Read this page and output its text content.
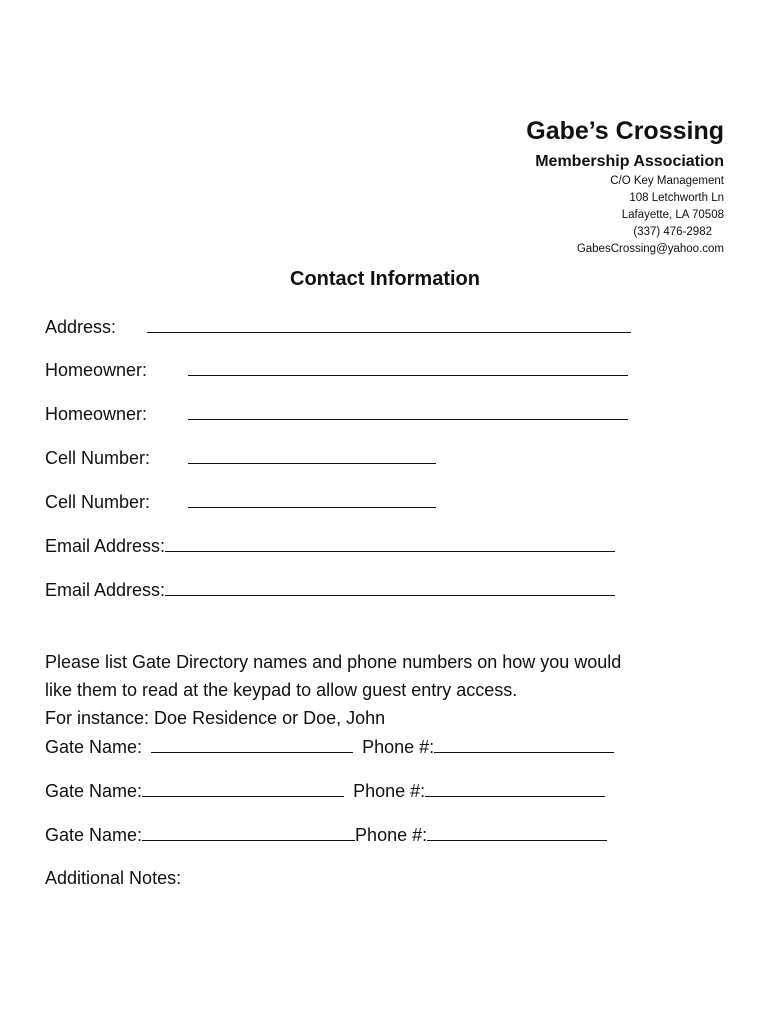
Gabe’s Crossing
Membership Association
C/O Key Management
108 Letchworth Ln
Lafayette, LA 70508
(337) 476-2982
GabesCrossing@yahoo.com
Contact Information
Address:
Homeowner:
Homeowner:
Cell Number:
Cell Number:
Email Address:
Email Address:

Please list Gate Directory names and phone numbers on how you would

like them to read at the keypad to allow guest entry access.

For instance: Doe Residence or Doe, John

Gate Name:	Phone #:
Gate Name:	Phone #:
Gate Name:	Phone #:
Additional Notes:
